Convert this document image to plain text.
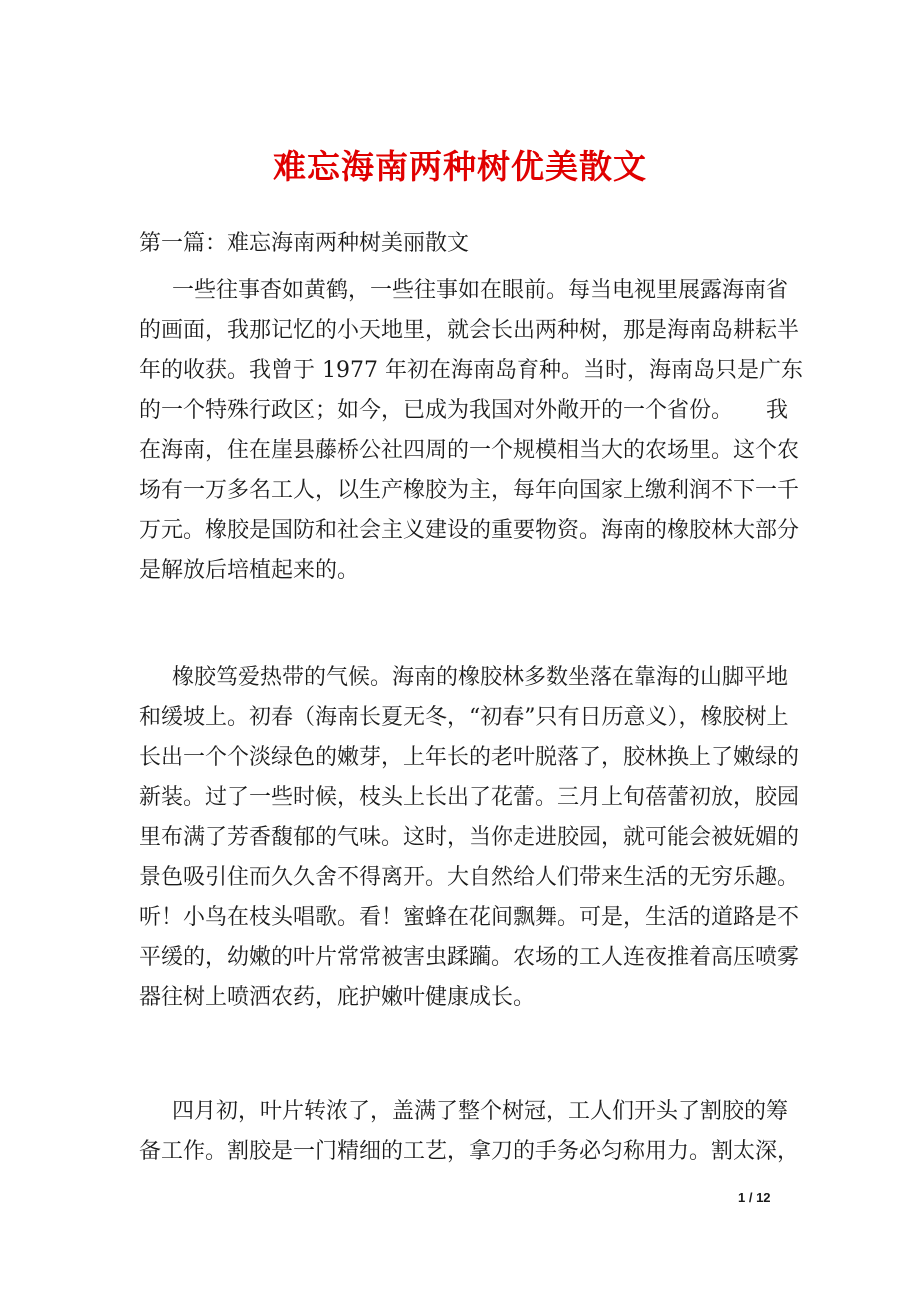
难忘海南两种树优美散文
第一篇：难忘海南两种树美丽散文
一些往事杳如黄鹤，一些往事如在眼前。每当电视里展露海南省
的画面，我那记忆的小天地里，就会长出两种树，那是海南岛耕耘半
年的收获。我曾于 1977 年初在海南岛育种。当时，海南岛只是广东
的一个特殊行政区；如今，已成为我国对外敞开的一个省份。　　我
在海南，住在崖县藤桥公社四周的一个规模相当大的农场里。这个农
场有一万多名工人，以生产橡胶为主，每年向国家上缴利润不下一千
万元。橡胶是国防和社会主义建设的重要物资。海南的橡胶林大部分
是解放后培植起来的。
橡胶笃爱热带的气候。海南的橡胶林多数坐落在靠海的山脚平地
和缓坡上。初春（海南长夏无冬，“初春”只有日历意义），橡胶树上
长出一个个淡绿色的嫩芽，上年长的老叶脱落了，胶林换上了嫩绿的
新装。过了一些时候，枝头上长出了花蕾。三月上旬蓓蕾初放，胶园
里布满了芳香馥郁的气味。这时，当你走进胶园，就可能会被妩媚的
景色吸引住而久久舍不得离开。大自然给人们带来生活的无穷乐趣。
听！小鸟在枝头唱歌。看！蜜蜂在花间飘舞。可是，生活的道路是不
平缓的，幼嫩的叶片常常被害虫蹂躏。农场的工人连夜推着高压喷雾
器往树上喷洒农药，庇护嫩叶健康成长。
四月初，叶片转浓了，盖满了整个树冠，工人们开头了割胶的筹
备工作。割胶是一门精细的工艺，拿刀的手务必匀称用力。割太深，
1 / 12
